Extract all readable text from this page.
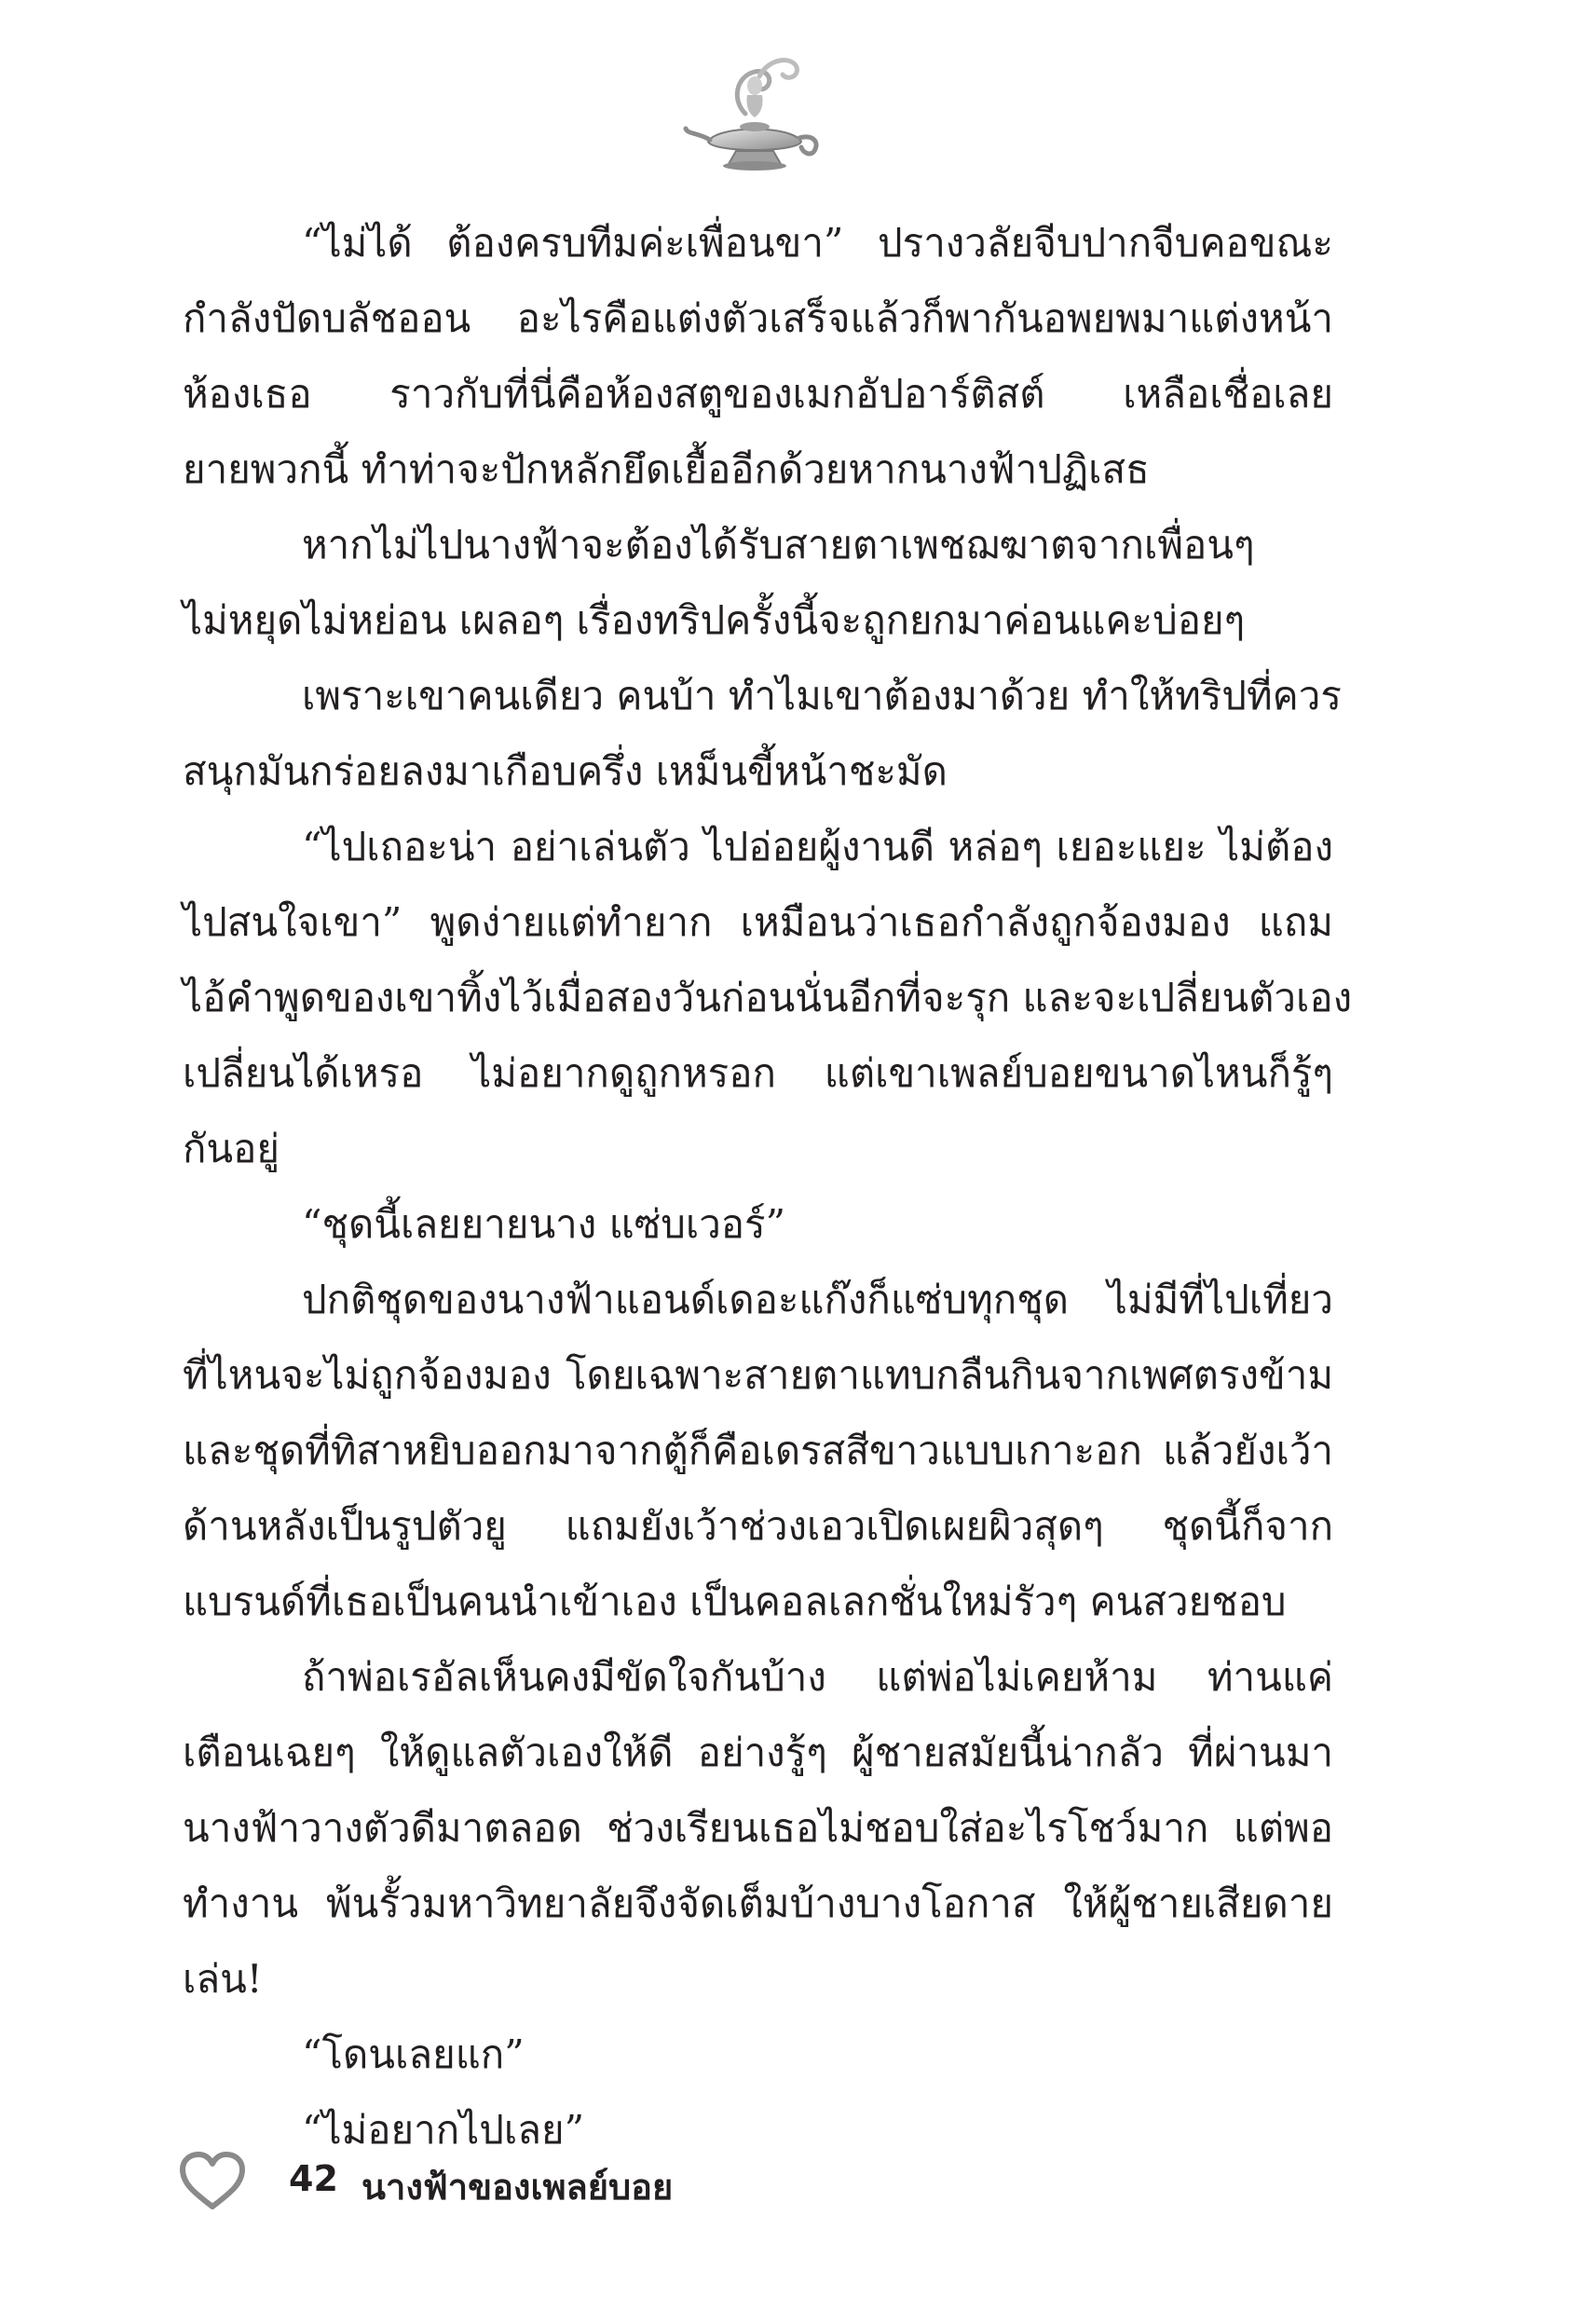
“ไม่ได้ ต้องครบทีมค่ะเพื่อนขา” ปรางวลัยจีบปากจีบคอขณะ
กำลังปัดบลัชออน อะไรคือแต่งตัวเสร็จแล้วก็พากันอพยพมาแต่งหน้า
ห้องเธอ ราวกับที่นี่คือห้องสตูของเมกอัปอาร์ติสต์ เหลือเชื่อเลย
ยายพวกนี้ ทำท่าจะปักหลักยึดเยื้ออีกด้วยหากนางฟ้าปฏิเสธ
หากไม่ไปนางฟ้าจะต้องได้รับสายตาเพชฌฆาตจากเพื่อนๆ
ไม่หยุดไม่หย่อน เผลอๆ เรื่องทริปครั้งนี้จะถูกยกมาค่อนแคะบ่อยๆ
เพราะเขาคนเดียว คนบ้า ทำไมเขาต้องมาด้วย ทำให้ทริปที่ควร
สนุกมันกร่อยลงมาเกือบครึ่ง เหม็นขี้หน้าชะมัด
“ไปเถอะน่า อย่าเล่นตัว ไปอ่อยผู้งานดี หล่อๆ เยอะแยะ ไม่ต้อง
ไปสนใจเขา” พูดง่ายแต่ทำยาก เหมือนว่าเธอกำลังถูกจ้องมอง แถม
ไอ้คำพูดของเขาทิ้งไว้เมื่อสองวันก่อนนั่นอีกที่จะรุก และจะเปลี่ยนตัวเอง
เปลี่ยนได้เหรอ ไม่อยากดูถูกหรอก แต่เขาเพลย์บอยขนาดไหนก็รู้ๆ
กันอยู่
“ชุดนี้เลยยายนาง แซ่บเวอร์”
ปกติชุดของนางฟ้าแอนด์เดอะแก๊งก็แซ่บทุกชุด ไม่มีที่ไปเที่ยว
ที่ไหนจะไม่ถูกจ้องมอง โดยเฉพาะสายตาแทบกลืนกินจากเพศตรงข้าม
และชุดที่ทิสาหยิบออกมาจากตู้ก็คือเดรสสีขาวแบบเกาะอก แล้วยังเว้า
ด้านหลังเป็นรูปตัวยู แถมยังเว้าช่วงเอวเปิดเผยผิวสุดๆ ชุดนี้ก็จาก
แบรนด์ที่เธอเป็นคนนำเข้าเอง เป็นคอลเลกชั่นใหม่รัวๆ คนสวยชอบ
ถ้าพ่อเรอัลเห็นคงมีขัดใจกันบ้าง แต่พ่อไม่เคยห้าม ท่านแค่
เตือนเฉยๆ ให้ดูแลตัวเองให้ดี อย่างรู้ๆ ผู้ชายสมัยนี้น่ากลัว ที่ผ่านมา
นางฟ้าวางตัวดีมาตลอด ช่วงเรียนเธอไม่ชอบใส่อะไรโชว์มาก แต่พอ
ทำงาน พ้นรั้วมหาวิทยาลัยจึงจัดเต็มบ้างบางโอกาส ให้ผู้ชายเสียดาย
เล่น!
“โดนเลยแก”
“ไม่อยากไปเลย”
42 นางฟ้าของเพลย์บอย
